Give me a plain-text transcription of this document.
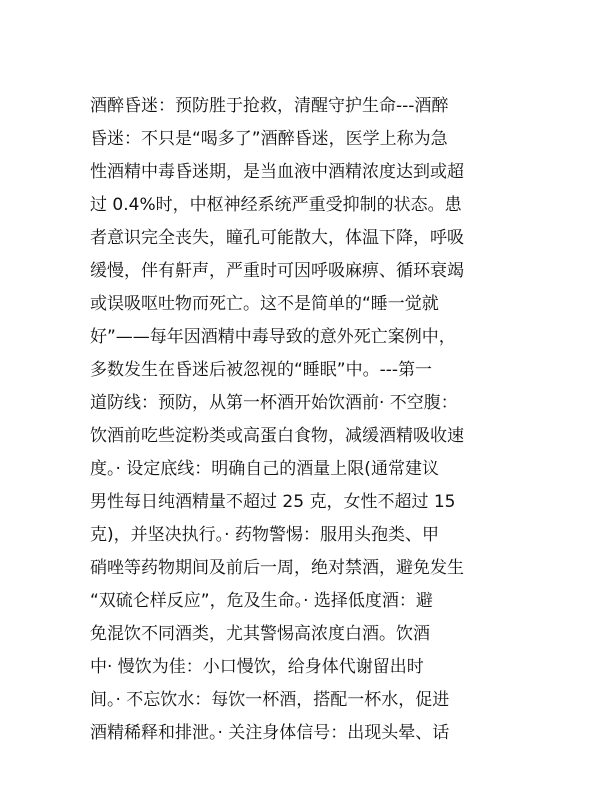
酒醉昏迷：预防胜于抢救，清醒守护生命---酒醉
昏迷：不只是“喝多了”酒醉昏迷，医学上称为急
性酒精中毒昏迷期，是当血液中酒精浓度达到或超
过 0.4%时，中枢神经系统严重受抑制的状态。患
者意识完全丧失，瞳孔可能散大，体温下降，呼吸
缓慢，伴有鼾声，严重时可因呼吸麻痹、循环衰竭
或误吸呕吐物而死亡。这不是简单的“睡一觉就
好”——每年因酒精中毒导致的意外死亡案例中，
多数发生在昏迷后被忽视的“睡眠”中。---第一
道防线：预防，从第一杯酒开始饮酒前· 不空腹：
饮酒前吃些淀粉类或高蛋白食物，减缓酒精吸收速
度。· 设定底线：明确自己的酒量上限(通常建议
男性每日纯酒精量不超过 25 克，女性不超过 15
克)，并坚决执行。· 药物警惕：服用头孢类、甲
硝唑等药物期间及前后一周，绝对禁酒，避免发生
“双硫仑样反应”，危及生命。· 选择低度酒：避
免混饮不同酒类，尤其警惕高浓度白酒。饮酒
中· 慢饮为佳：小口慢饮，给身体代谢留出时
间。· 不忘饮水：每饮一杯酒，搭配一杯水，促进
酒精稀释和排泄。· 关注身体信号：出现头晕、话
